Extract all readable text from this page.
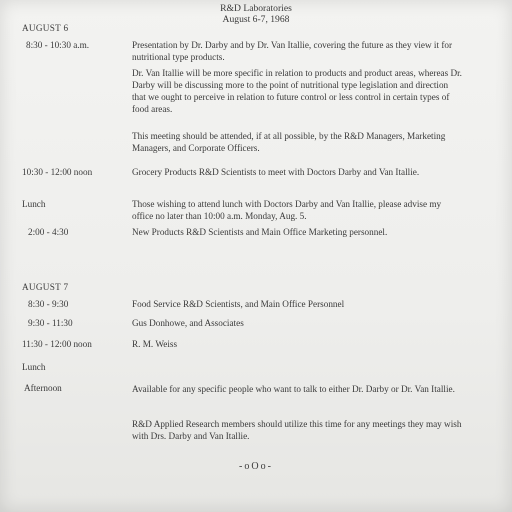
R&D Laboratories
August 6-7, 1968
AUGUST 6
8:30 - 10:30 a.m.	Presentation by Dr. Darby and by Dr. Van Itallie, covering the future as they view it for nutritional type products.
Dr. Van Itallie will be more specific in relation to products and product areas, whereas Dr. Darby will be discussing more to the point of nutritional type legislation and direction that we ought to perceive in relation to future control or less control in certain types of food areas.
This meeting should be attended, if at all possible, by the R&D Managers, Marketing Managers, and Corporate Officers.
10:30 - 12:00 noon	Grocery Products R&D Scientists to meet with Doctors Darby and Van Itallie.
Lunch	Those wishing to attend lunch with Doctors Darby and Van Itallie, please advise my office no later than 10:00 a.m. Monday, Aug. 5.
2:00 - 4:30	New Products R&D Scientists and Main Office Marketing personnel.
AUGUST 7
8:30 - 9:30	Food Service R&D Scientists, and Main Office Personnel
9:30 - 11:30	Gus Donhowe, and Associates
11:30 - 12:00 noon	R. M. Weiss
Lunch
Afternoon	Available for any specific people who want to talk to either Dr. Darby or Dr. Van Itallie.
R&D Applied Research members should utilize this time for any meetings they may wish with Drs. Darby and Van Itallie.
-oOo-
